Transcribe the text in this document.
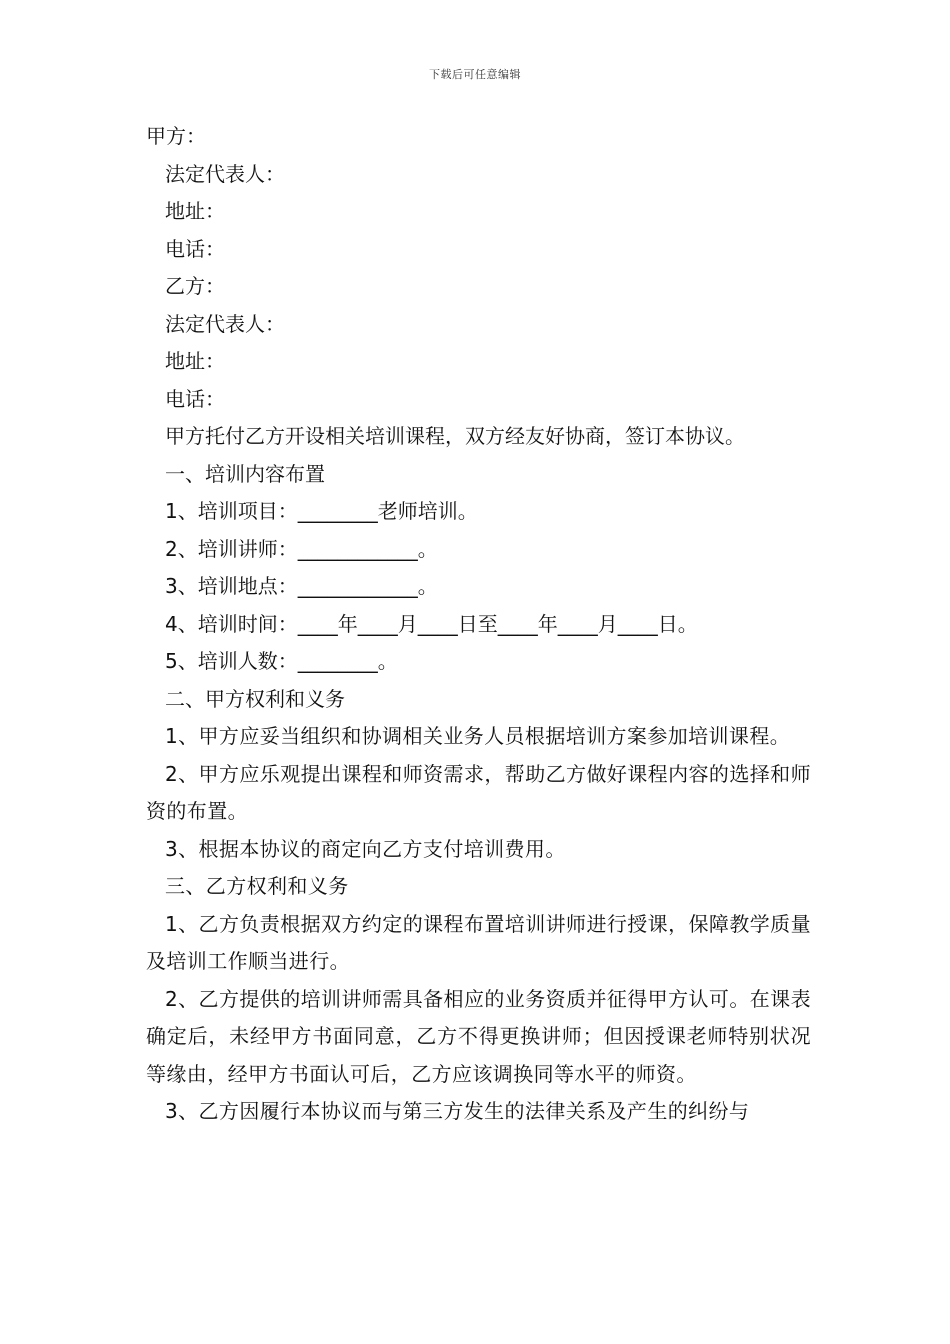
下载后可任意编辑

甲方：

法定代表人：

地址：

电话：

乙方：

法定代表人：

地址：

电话：

甲方托付乙方开设相关培训课程，双方经友好协商，签订本协议。

一、培训内容布置

1、培训项目：________老师培训。

2、培训讲师：____________。

3、培训地点：____________。

4、培训时间：____年____月____日至____年____月____日。

5、培训人数：________。

二、甲方权利和义务

1、甲方应妥当组织和协调相关业务人员根据培训方案参加培训课程。

2、甲方应乐观提出课程和师资需求，帮助乙方做好课程内容的选择和师资的布置。

3、根据本协议的商定向乙方支付培训费用。

三、乙方权利和义务

1、乙方负责根据双方约定的课程布置培训讲师进行授课，保障教学质量及培训工作顺当进行。

2、乙方提供的培训讲师需具备相应的业务资质并征得甲方认可。在课表确定后，未经甲方书面同意，乙方不得更换讲师；但因授课老师特别状况等缘由，经甲方书面认可后，乙方应该调换同等水平的师资。

3、乙方因履行本协议而与第三方发生的法律关系及产生的纠纷与
